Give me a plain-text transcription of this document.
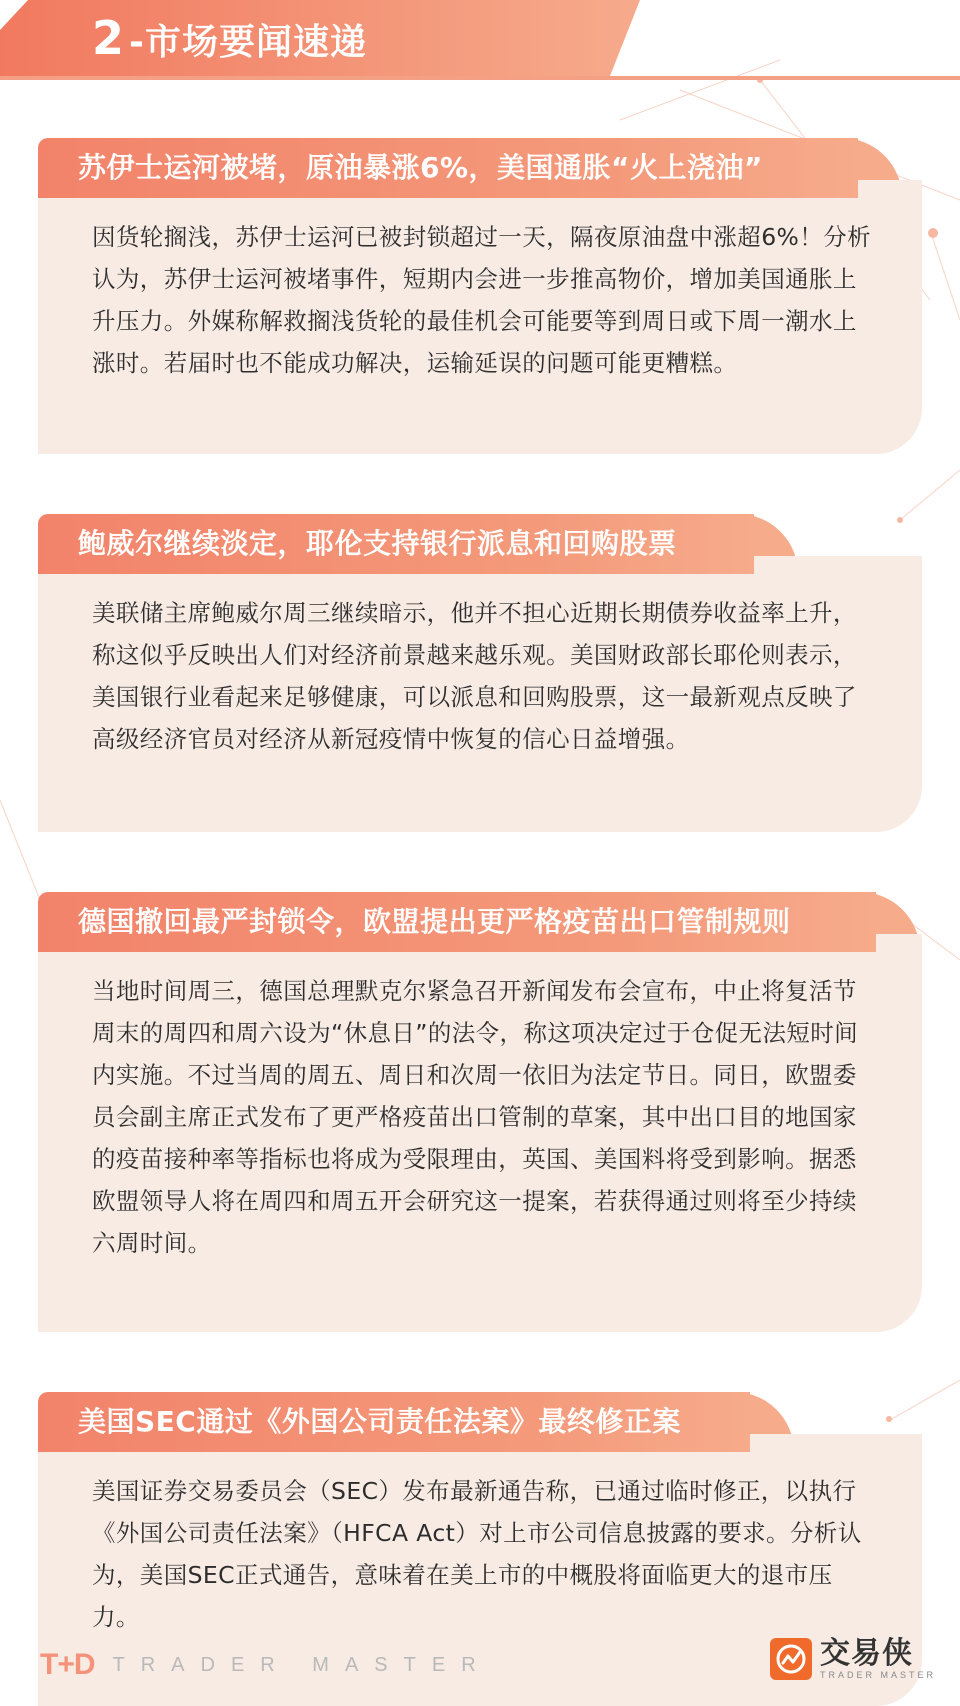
2 -市场要闻速递
苏伊士运河被堵，原油暴涨6%，美国通胀“火上浇油”
因货轮搁浅，苏伊士运河已被封锁超过一天，隔夜原油盘中涨超6%！分析认为，苏伊士运河被堵事件，短期内会进一步推高物价，增加美国通胀上升压力。外媒称解救搁浅货轮的最佳机会可能要等到周日或下周一潮水上涨时。若届时也不能成功解决，运输延误的问题可能更糟糕。
鲍威尔继续淡定，耶伦支持银行派息和回购股票
美联储主席鲍威尔周三继续暗示，他并不担心近期长期债券收益率上升，称这似乎反映出人们对经济前景越来越乐观。美国财政部长耶伦则表示，美国银行业看起来足够健康，可以派息和回购股票，这一最新观点反映了高级经济官员对经济从新冠疫情中恢复的信心日益增强。
德国撤回最严封锁令，欧盟提出更严格疫苗出口管制规则
当地时间周三，德国总理默克尔紧急召开新闻发布会宣布，中止将复活节周末的周四和周六设为“休息日”的法令，称这项决定过于仓促无法短时间内实施。不过当周的周五、周日和次周一依旧为法定节日。同日，欧盟委员会副主席正式发布了更严格疫苗出口管制的草案，其中出口目的地国家的疫苗接种率等指标也将成为受限理由，英国、美国料将受到影响。据悉欧盟领导人将在周四和周五开会研究这一提案，若获得通过则将至少持续六周时间。
美国SEC通过《外国公司责任法案》最终修正案
美国证券交易委员会（SEC）发布最新通告称，已通过临时修正，以执行《外国公司责任法案》（HFCA Act）对上市公司信息披露的要求。分析认为，美国SEC正式通告，意味着在美上市的中概股将面临更大的退市压力。
T+D TRADER MASTER	交易侠
TRADER MASTER
